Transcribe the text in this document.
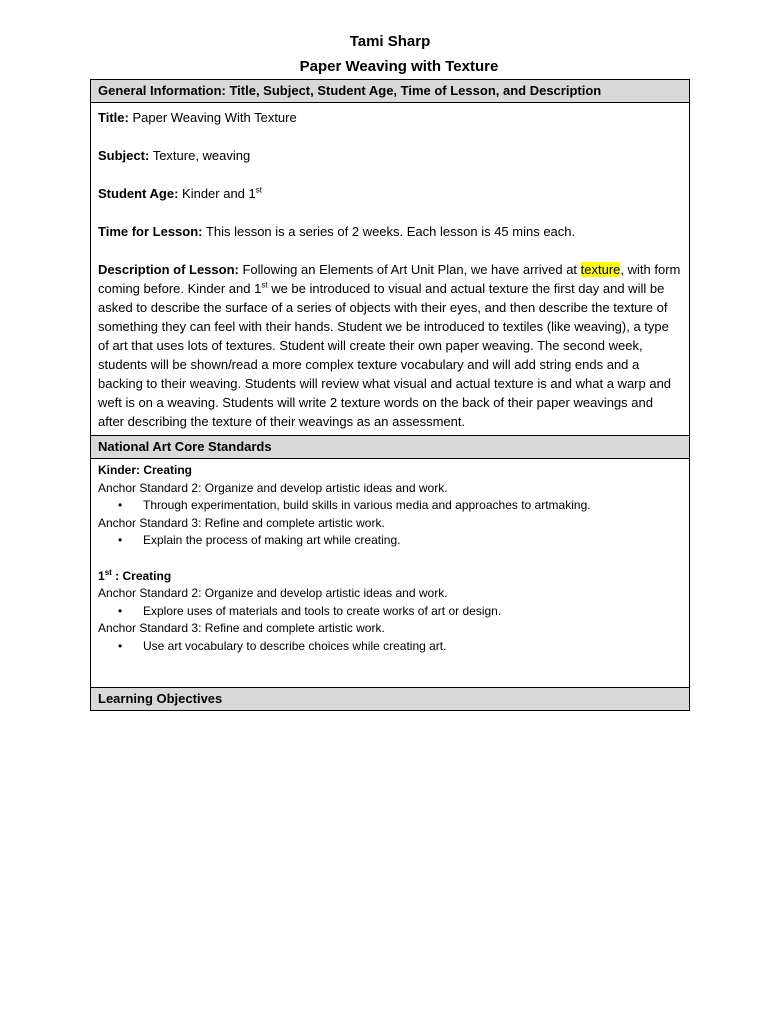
Tami Sharp
Paper Weaving with Texture
General Information: Title, Subject, Student Age, Time of Lesson, and Description

Title: Paper Weaving With Texture

Subject: Texture, weaving

Student Age: Kinder and 1st

Time for Lesson: This lesson is a series of 2 weeks. Each lesson is 45 mins each.

Description of Lesson: Following an Elements of Art Unit Plan, we have arrived at texture, with form coming before. Kinder and 1st we be introduced to visual and actual texture the first day and will be asked to describe the surface of a series of objects with their eyes, and then describe the texture of something they can feel with their hands. Student we be introduced to textiles (like weaving), a type of art that uses lots of textures. Student will create their own paper weaving. The second week, students will be shown/read a more complex texture vocabulary and will add string ends and a backing to their weaving. Students will review what visual and actual texture is and what a warp and weft is on a weaving. Students will write 2 texture words on the back of their paper weavings and after describing the texture of their weavings as an assessment.

National Art Core Standards

Kinder: Creating

Anchor Standard 2: Organize and develop artistic ideas and work.

• Through experimentation, build skills in various media and approaches to artmaking.

Anchor Standard 3: Refine and complete artistic work.

• Explain the process of making art while creating.

1st : Creating

Anchor Standard 2: Organize and develop artistic ideas and work.

• Explore uses of materials and tools to create works of art or design.

Anchor Standard 3: Refine and complete artistic work.

• Use art vocabulary to describe choices while creating art.

Learning Objectives
